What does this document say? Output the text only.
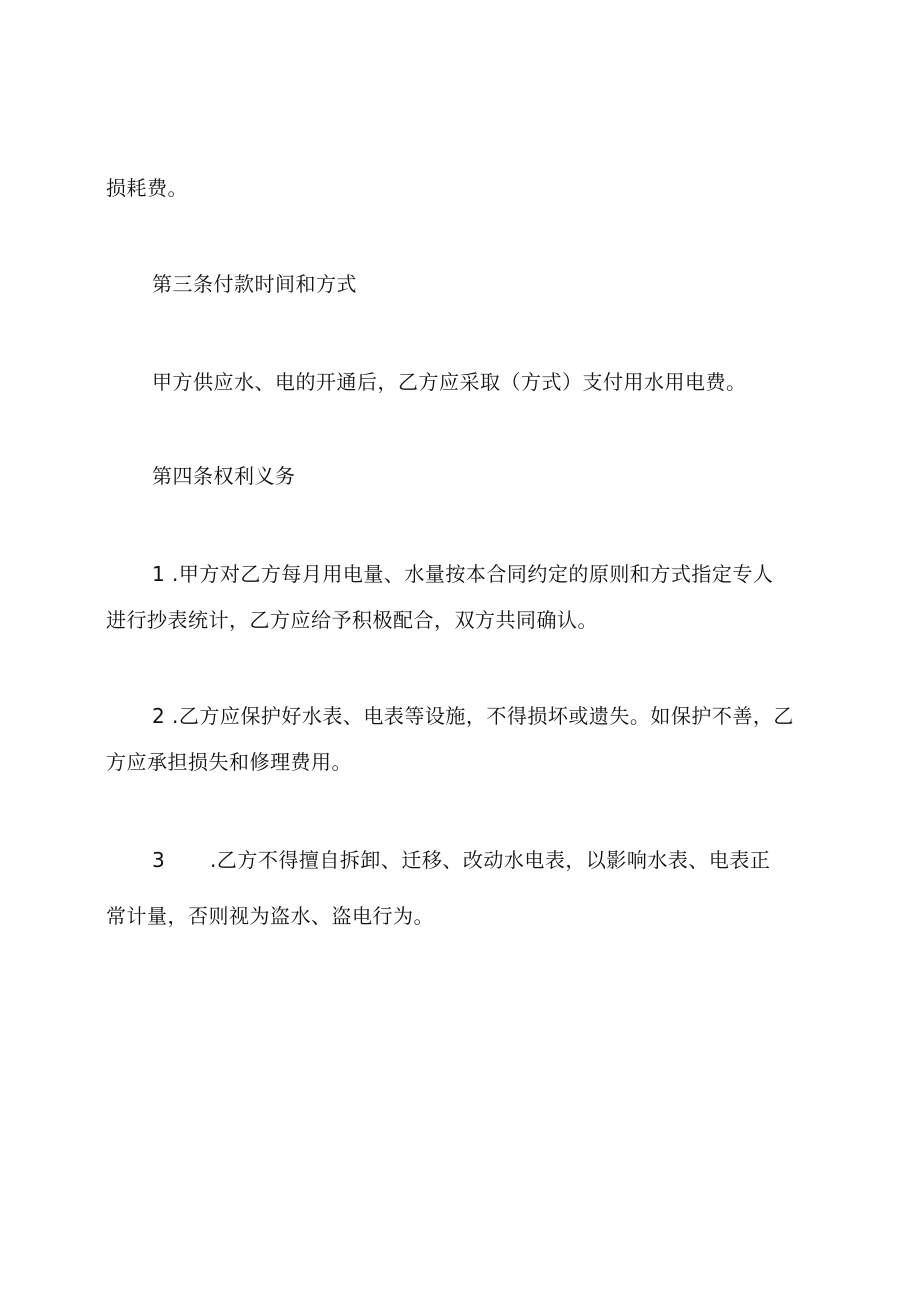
损耗费。
第三条付款时间和方式
甲方供应水、电的开通后，乙方应采取（方式）支付用水用电费。
第四条权利义务
1 .甲方对乙方每月用电量、水量按本合同约定的原则和方式指定专人
进行抄表统计，乙方应给予积极配合，双方共同确认。
2 .乙方应保护好水表、电表等设施，不得损坏或遗失。如保护不善，乙
方应承担损失和修理费用。
3 .乙方不得擅自拆卸、迁移、改动水电表，以影响水表、电表正
常计量，否则视为盗水、盗电行为。
